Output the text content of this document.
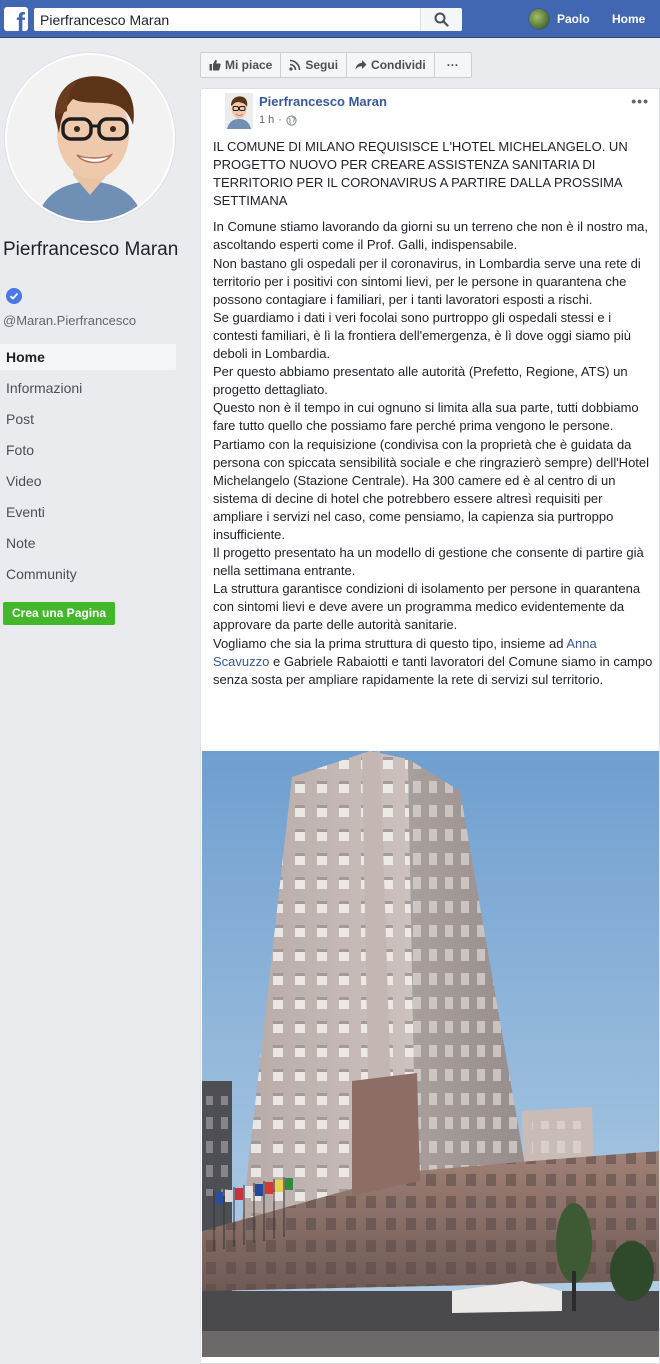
f
Pierfrancesco Maran	Paolo Home
Pierfrancesco Maran
@Maran.Pierfrancesco
Home
Informazioni
Post
Foto
Video
Eventi
Note
Community
Crea una Pagina
Mi piace	Segui	Condividi ···
Pierfrancesco Maran
1 h ·
•••

IL COMUNE DI MILANO REQUISISCE L'HOTEL MICHELANGELO. UN PROGETTO NUOVO PER CREARE ASSISTENZA SANITARIA DI TERRITORIO PER IL CORONAVIRUS A PARTIRE DALLA PROSSIMA SETTIMANA

In Comune stiamo lavorando da giorni su un terreno che non è il nostro ma, ascoltando esperti come il Prof. Galli, indispensabile.

Non bastano gli ospedali per il coronavirus, in Lombardia serve una rete di territorio per i positivi con sintomi lievi, per le persone in quarantena che possono contagiare i familiari, per i tanti lavoratori esposti a rischi.

Se guardiamo i dati i veri focolai sono purtroppo gli ospedali stessi e i contesti familiari, è lì la frontiera dell'emergenza, è lì dove oggi siamo più deboli in Lombardia.

Per questo abbiamo presentato alle autorità (Prefetto, Regione, ATS) un progetto dettagliato.

Questo non è il tempo in cui ognuno si limita alla sua parte, tutti dobbiamo fare tutto quello che possiamo fare perché prima vengono le persone.

Partiamo con la requisizione (condivisa con la proprietà che è guidata da persona con spiccata sensibilità sociale e che ringrazierò sempre) dell'Hotel Michelangelo (Stazione Centrale). Ha 300 camere ed è al centro di un sistema di decine di hotel che potrebbero essere altresì requisiti per ampliare i servizi nel caso, come pensiamo, la capienza sia purtroppo insufficiente.

Il progetto presentato ha un modello di gestione che consente di partire già nella settimana entrante.

La struttura garantisce condizioni di isolamento per persone in quarantena con sintomi lievi e deve avere un programma medico evidentemente da approvare da parte delle autorità sanitarie.

Vogliamo che sia la prima struttura di questo tipo, insieme ad Anna Scavuzzo e Gabriele Rabaiotti e tanti lavoratori del Comune siamo in campo senza sosta per ampliare rapidamente la rete di servizi sul territorio.
